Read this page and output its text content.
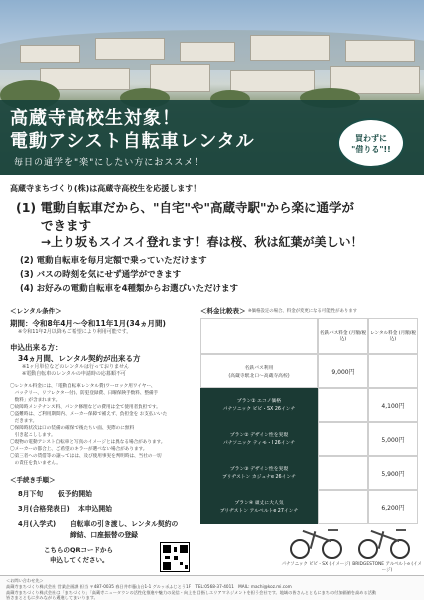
高蔵寺高校生対象！
電動アシスト自転車レンタル
毎日の通学を"楽"にしたい方におススメ！
買わずに
"借りる"!!
高蔵寺まちづくり(株)は高蔵寺高校生を応援します！
(1) 電動自転車だから、"自宅"や"高蔵寺駅"から楽に通学が
できます
→上り坂もスイスイ登れます！春は桜、秋は紅葉が美しい！
(2) 電動自転車を毎月定額で乗っていただけます
(3) バスの時刻を気にせず通学ができます
(4) お好みの電動自転車を4種類からお選びいただけます
＜レンタル条件＞
期間：令和8年4月～令和11年1月(34ヵ月間)
※令和11年2月以降もご希望により利用可能です。
申込出来る方：
34ヵ月間、レンタル契約が出来る方
※1ヶ月単位などのレンタルは行っておりません
※電動自転車のレンタルの申請時の応募順不可
〇レンタル料金には、「電動自転車レンタル費(ワーロック用ワイヤー、
　バッテリー、リフレクター付)、防犯登録費、日曜保険手数料、整備手
　数料」が含まれます。
〇故障時メンテナンス料、パンク修理などの費用は全て使用者負担です。
〇盗難時は、ご利用期間内、メーカー保障で補えず、負担金を お支払いいた
　だきます。
〇保障時状次は口の装備の確保で後たちい面、実際のに無料
　引き起こしします。
〇現物の電動アシスト自転車と写真のイメージとは異なる場合があります。
〇メーカーの都合上、ご希望のキラーが選べない場合があります。
〇第三者への賃借等の譲ってはは、及び使用事実を判明時は、当社の一切
　の責任を負いません。
＜手続き手順＞
8月下旬 仮予約開始
3月(合格発表日) 本申込開始
4月(入学式) 自転車の引き渡し、レンタル契約の
締結、口座振替の登録
こちらのQRコードから
申込してください。
＜料金比較表＞ ※価格設定の場合、料金が変更になる可能性があります
名鉄バス料金 (月額/税込)
レンタル料金 (月額/税込)
名鉄バス利用
(高蔵寺駅北口～高蔵寺高校)
9,000円
プラン① エコノ価格
パナソニック ビビ・SX 26インチ	4,100円
プラン② デザイン性を実現
パナソニック ティモ・I 26インチ	5,000円
プラン③ デザイン性を実現
ブリヂストン カジュナe 26インチ	5,900円
プラン④ 頑丈に大人気
ブリヂストン アルベルトe 27インチ	6,200円
パナソニック ビビ・SX (イメージ) BRIDGESTONE アルベルトe (イメージ)
＜お問い合わせ先＞
高蔵寺まちづくり株式会社 営業企画課 担当 〒487-0035 春日井市藤山台1-1 グルッポふじとう1F　TEL:0568-37-4011　MAIL: machi@koz.mi.com
高蔵寺まちづくり株式会社は「まちづくり」「高蔵寺ニュータウンの活性化推進や魅力の発信・向上を目指しエリアマネジメントを担う会社です。地域の皆さんとともにまちの付加価値を高める活動
皆さまとともに歩みながら邁進してまいります。
